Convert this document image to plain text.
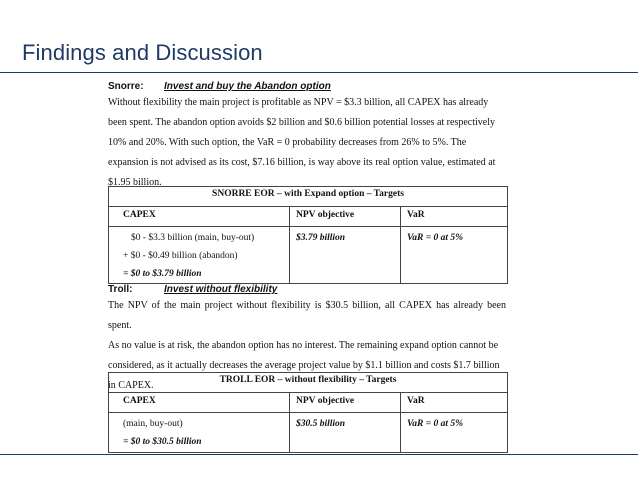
Findings and Discussion
Snorre: Invest and buy the Abandon option
Without flexibility the main project is profitable as NPV = $3.3 billion, all CAPEX has already
been spent. The abandon option avoids $2 billion and $0.6 billion potential losses at respectively
10% and 20%. With such option, the VaR = 0 probability decreases from 26% to 5%. The
expansion is not advised as its cost, $7.16 billion, is way above its real option value, estimated at
$1.95 billion.
SNORRE EOR – with Expand option – Targets		
CAPEX	NPV objective	VaR

$0 - $3.3 billion (main, buy-out)
+ $0 - $0.49 billion (abandon)
= $0 to $3.79 billion	$3.79 billion	VaR = 0 at 5%
Troll:	Invest without flexibility
The NPV of the main project without flexibility is $30.5 billion, all CAPEX has already been spent.
As no value is at risk, the abandon option has no interest. The remaining expand option cannot be
considered, as it actually decreases the average project value by $1.1 billion and costs $1.7 billion
in CAPEX.	TROLL EOR – without flexibility – Targets		
CAPEX	NPV objective	VaR

(main, buy-out)
= $0 to $30.5 billion	$30.5 billion	VaR = 0 at 5%
